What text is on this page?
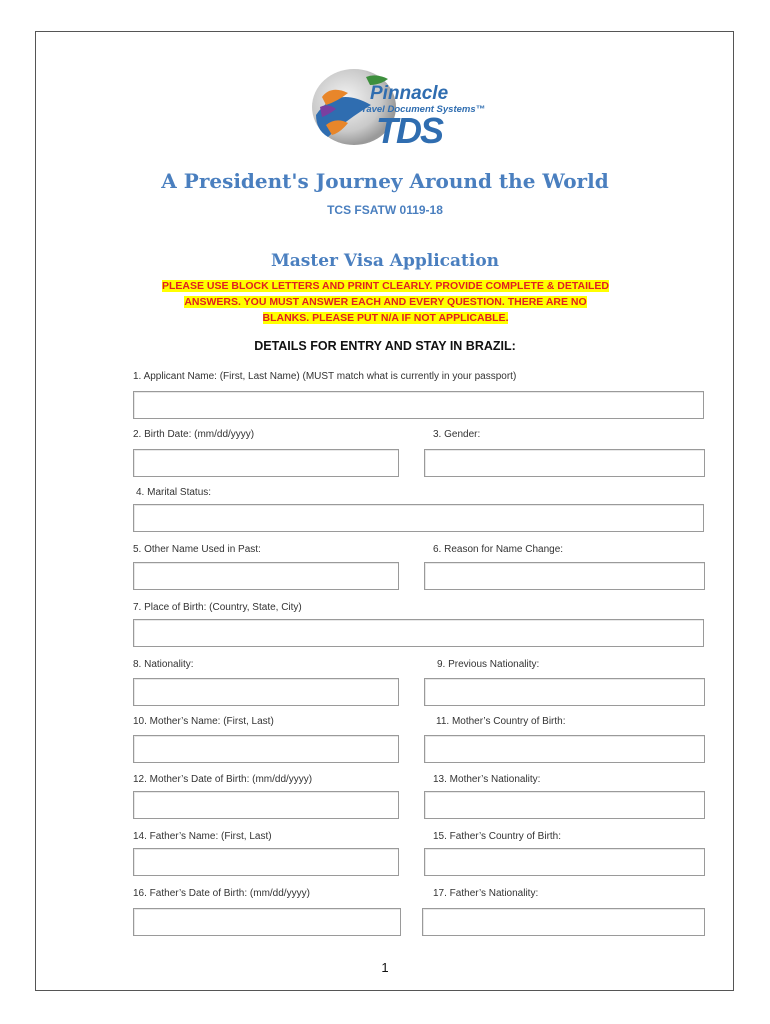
Pinnacle
Travel Document Systems™
TDS
A President's Journey Around the World
TCS FSATW 0119-18
Master Visa Application
PLEASE USE BLOCK LETTERS AND PRINT CLEARLY. PROVIDE COMPLETE & DETAILED
ANSWERS. YOU MUST ANSWER EACH AND EVERY QUESTION. THERE ARE NO
BLANKS. PLEASE PUT N/A IF NOT APPLICABLE.
DETAILS FOR ENTRY AND STAY IN BRAZIL:
1. Applicant Name: (First, Last Name) (MUST match what is currently in your passport)
2. Birth Date: (mm/dd/yyyy)	3. Gender:
4. Marital Status:
5. Other Name Used in Past:	6. Reason for Name Change:
7. Place of Birth: (Country, State, City)
8. Nationality:	9. Previous Nationality:
10. Mother’s Name: (First, Last)	11. Mother’s Country of Birth:
12. Mother’s Date of Birth: (mm/dd/yyyy)	13. Mother’s Nationality:
14. Father’s Name: (First, Last)	15. Father’s Country of Birth:
16. Father’s Date of Birth: (mm/dd/yyyy)	17. Father’s Nationality:
1
